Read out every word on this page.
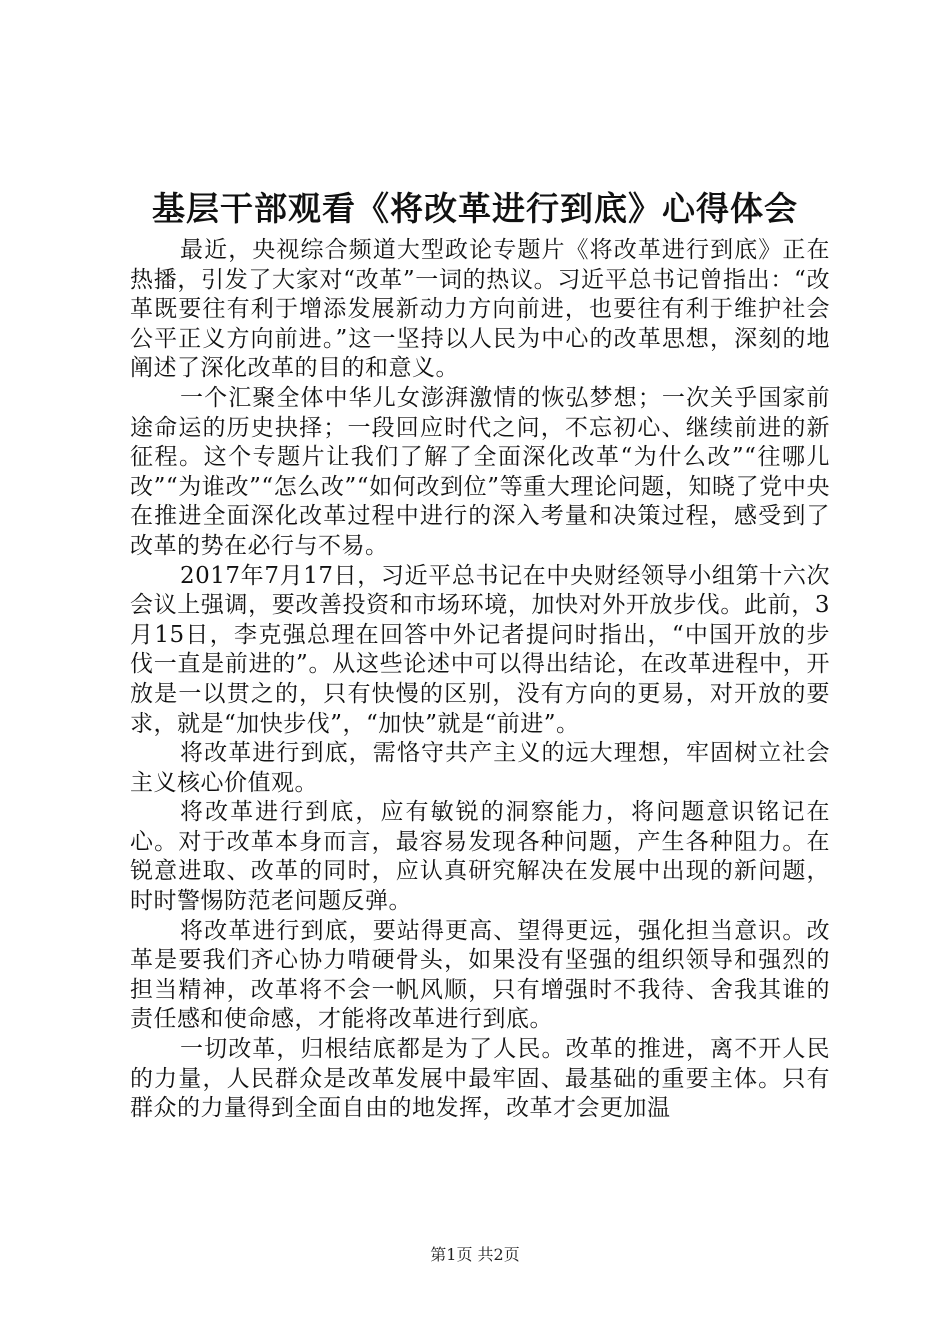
基层干部观看《将改革进行到底》心得体会

最近，央视综合频道大型政论专题片《将改革进行到底》正在热播，引发了大家对“改革”一词的热议。习近平总书记曾指出：“改革既要往有利于增添发展新动力方向前进，也要往有利于维护社会公平正义方向前进。”这一坚持以人民为中心的改革思想，深刻的地阐述了深化改革的目的和意义。

一个汇聚全体中华儿女澎湃激情的恢弘梦想；一次关乎国家前途命运的历史抉择；一段回应时代之问，不忘初心、继续前进的新征程。这个专题片让我们了解了全面深化改革“为什么改”“往哪儿改”“为谁改”“怎么改”“如何改到位”等重大理论问题，知晓了党中央在推进全面深化改革过程中进行的深入考量和决策过程，感受到了改革的势在必行与不易。

2017年7月17日，习近平总书记在中央财经领导小组第十六次会议上强调，要改善投资和市场环境，加快对外开放步伐。此前，3月15日，李克强总理在回答中外记者提问时指出，“中国开放的步伐一直是前进的”。从这些论述中可以得出结论，在改革进程中，开放是一以贯之的，只有快慢的区别，没有方向的更易，对开放的要求，就是“加快步伐”，“加快”就是“前进”。

将改革进行到底，需恪守共产主义的远大理想，牢固树立社会主义核心价值观。

将改革进行到底，应有敏锐的洞察能力，将问题意识铭记在心。对于改革本身而言，最容易发现各种问题，产生各种阻力。在锐意进取、改革的同时，应认真研究解决在发展中出现的新问题，时时警惕防范老问题反弹。

将改革进行到底，要站得更高、望得更远，强化担当意识。改革是要我们齐心协力啃硬骨头，如果没有坚强的组织领导和强烈的担当精神，改革将不会一帆风顺，只有增强时不我待、舍我其谁的责任感和使命感，才能将改革进行到底。

一切改革，归根结底都是为了人民。改革的推进，离不开人民的力量，人民群众是改革发展中最牢固、最基础的重要主体。只有群众的力量得到全面自由的地发挥，改革才会更加温

第1页 共2页
